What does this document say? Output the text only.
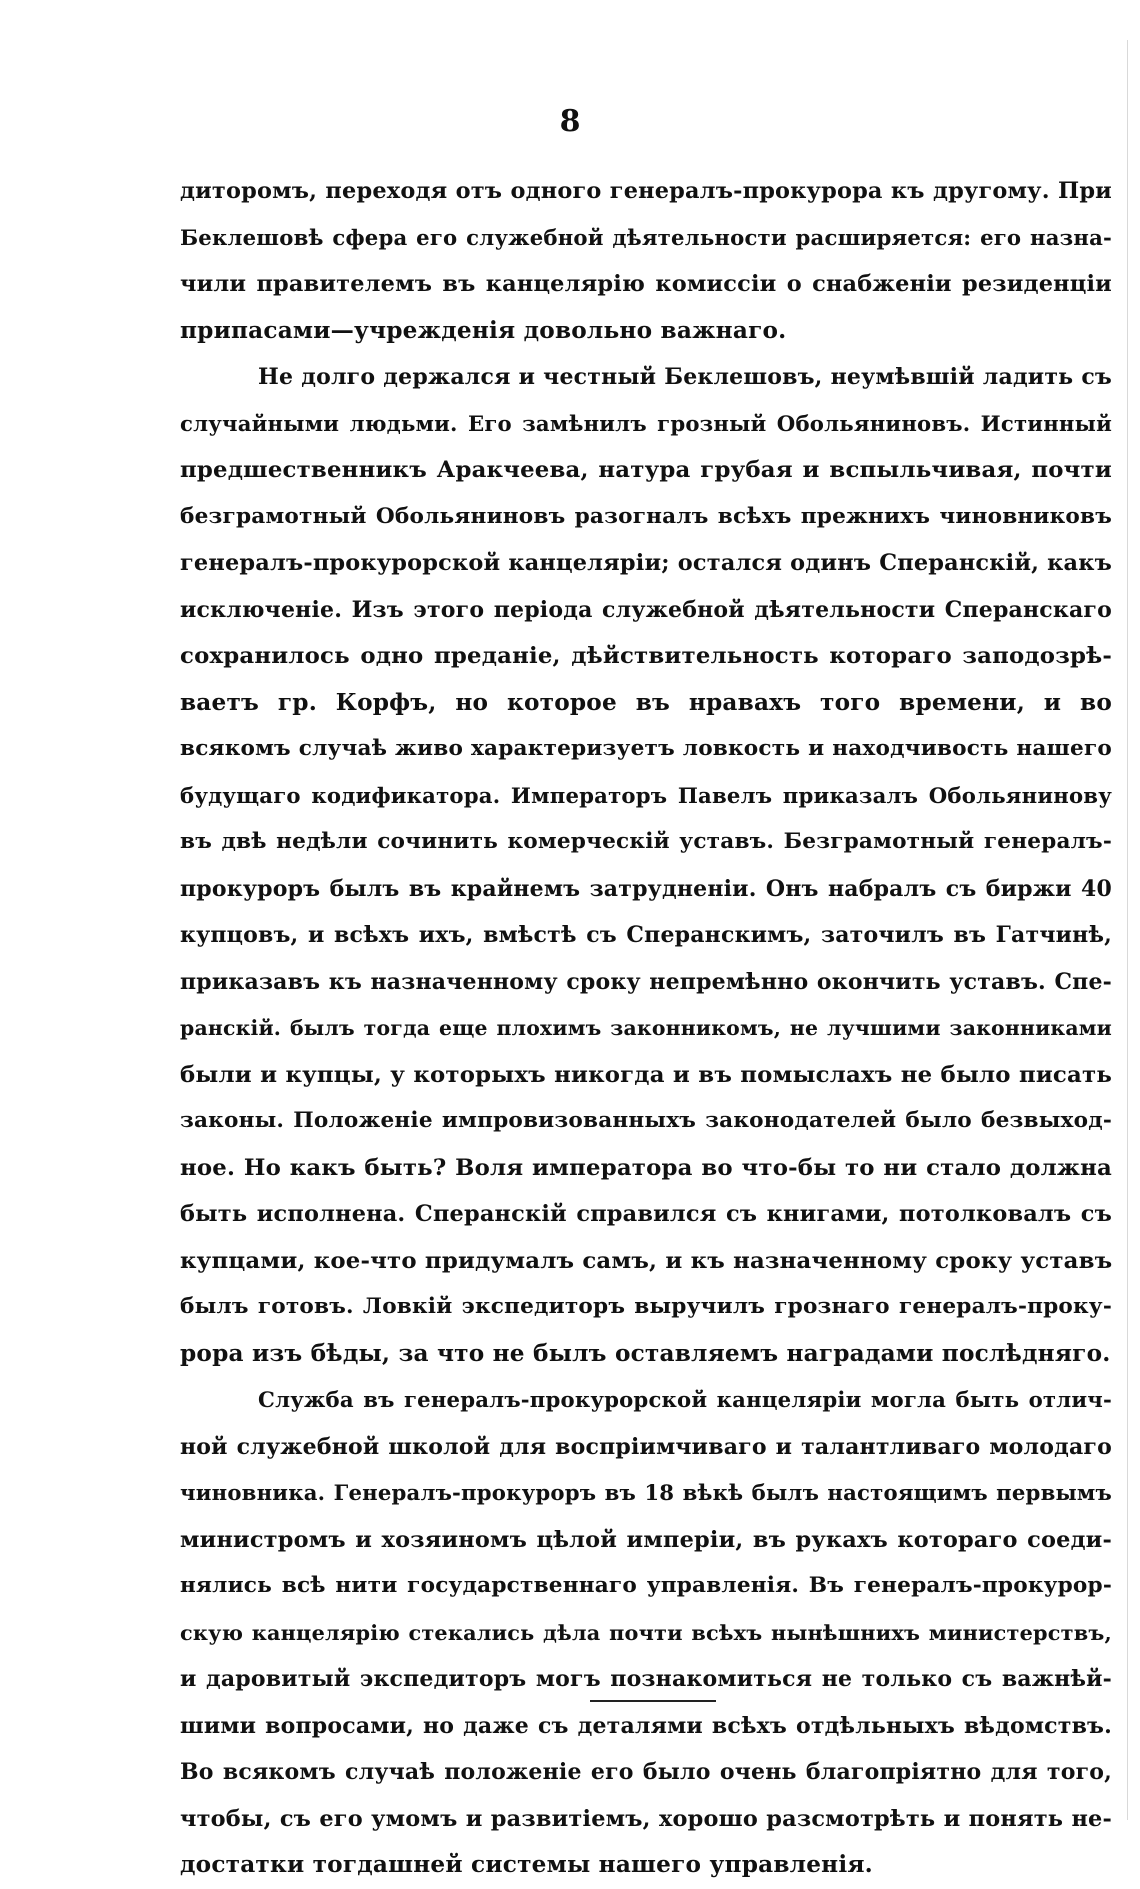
8
диторомъ, переходя отъ одного генералъ-прокурора къ другому. При
Беклешовѣ сфера его служебной дѣятельности расширяется: его назна-
чили правителемъ въ канцелярію комиссіи о снабженіи резиденціи
припасами—учрежденія довольно важнаго.
Не долго держался и честный Беклешовъ, неумѣвшій ладить съ
случайными людьми. Его замѣнилъ грозный Обольяниновъ. Истинный
предшественникъ Аракчеева, натура грубая и вспыльчивая, почти
безграмотный Обольяниновъ разогналъ всѣхъ прежнихъ чиновниковъ
генералъ-прокурорской канцеляріи; остался одинъ Сперанскій, какъ
исключеніе. Изъ этого періода служебной дѣятельности Сперанскаго
сохранилось одно преданіе, дѣйствительность котораго заподозрѣ-
ваетъ гр. Корфъ, но которое въ нравахъ того времени, и во
всякомъ случаѣ живо характеризуетъ ловкость и находчивость нашего
будущаго кодификатора. Императоръ Павелъ приказалъ Обольянинову
въ двѣ недѣли сочинить комерческій уставъ. Безграмотный генералъ-
прокуроръ былъ въ крайнемъ затрудненіи. Онъ набралъ съ биржи 40
купцовъ, и всѣхъ ихъ, вмѣстѣ съ Сперанскимъ, заточилъ въ Гатчинѣ,
приказавъ къ назначенному сроку непремѣнно окончить уставъ. Спе-
ранскій. былъ тогда еще плохимъ законникомъ, не лучшими законниками
были и купцы, у которыхъ никогда и въ помыслахъ не было писать
законы. Положеніе импровизованныхъ законодателей было безвыход-
ное. Но какъ быть? Воля императора во что-бы то ни стало должна
быть исполнена. Сперанскій справился съ книгами, потолковалъ съ
купцами, кое-что придумалъ самъ, и къ назначенному сроку уставъ
былъ готовъ. Ловкій экспедиторъ выручилъ грознаго генералъ-проку-
рора изъ бѣды, за что не былъ оставляемъ наградами послѣдняго.
Служба въ генералъ-прокурорской канцеляріи могла быть отлич-
ной служебной школой для воспріимчиваго и талантливаго молодаго
чиновника. Генералъ-прокуроръ въ 18 вѣкѣ былъ настоящимъ первымъ
министромъ и хозяиномъ цѣлой имперіи, въ рукахъ котораго соеди-
нялись всѣ нити государственнаго управленія. Въ генералъ-прокурор-
скую канцелярію стекались дѣла почти всѣхъ нынѣшнихъ министерствъ,
и даровитый экспедиторъ могъ познакомиться не только съ важнѣй-
шими вопросами, но даже съ деталями всѣхъ отдѣльныхъ вѣдомствъ.
Во всякомъ случаѣ положеніе его было очень благопріятно для того,
чтобы, съ его умомъ и развитіемъ, хорошо разсмотрѣть и понять не-
достатки тогдашней системы нашего управленія.
